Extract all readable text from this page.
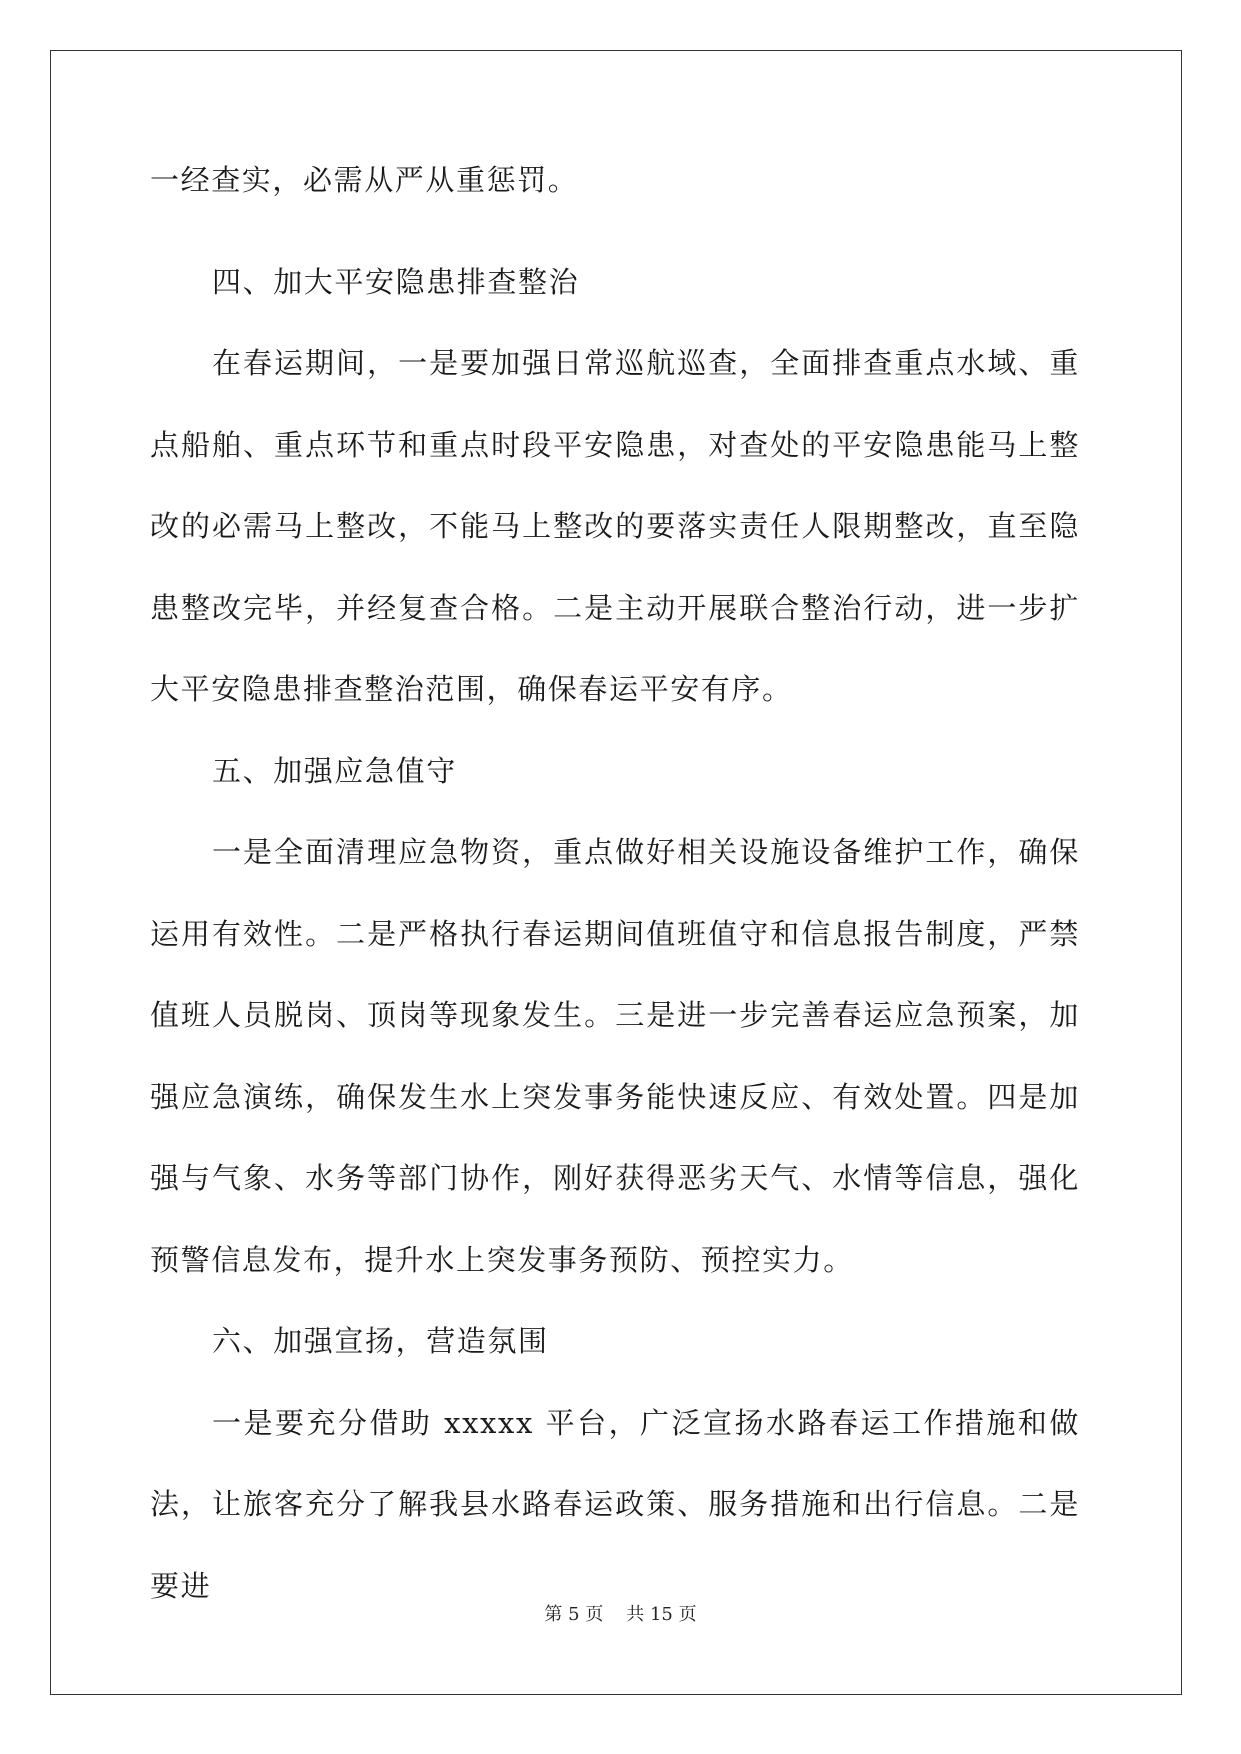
一经查实，必需从严从重惩罚。

四、加大平安隐患排查整治

在春运期间，一是要加强日常巡航巡查，全面排查重点水域、重点船舶、重点环节和重点时段平安隐患，对查处的平安隐患能马上整改的必需马上整改，不能马上整改的要落实责任人限期整改，直至隐患整改完毕，并经复查合格。二是主动开展联合整治行动，进一步扩大平安隐患排查整治范围，确保春运平安有序。

五、加强应急值守

一是全面清理应急物资，重点做好相关设施设备维护工作，确保运用有效性。二是严格执行春运期间值班值守和信息报告制度，严禁值班人员脱岗、顶岗等现象发生。三是进一步完善春运应急预案，加强应急演练，确保发生水上突发事务能快速反应、有效处置。四是加强与气象、水务等部门协作，刚好获得恶劣天气、水情等信息，强化预警信息发布，提升水上突发事务预防、预控实力。

六、加强宣扬，营造氛围

一是要充分借助 xxxxx 平台，广泛宣扬水路春运工作措施和做法，让旅客充分了解我县水路春运政策、服务措施和出行信息。二是要进

第 5 页 共 15 页
